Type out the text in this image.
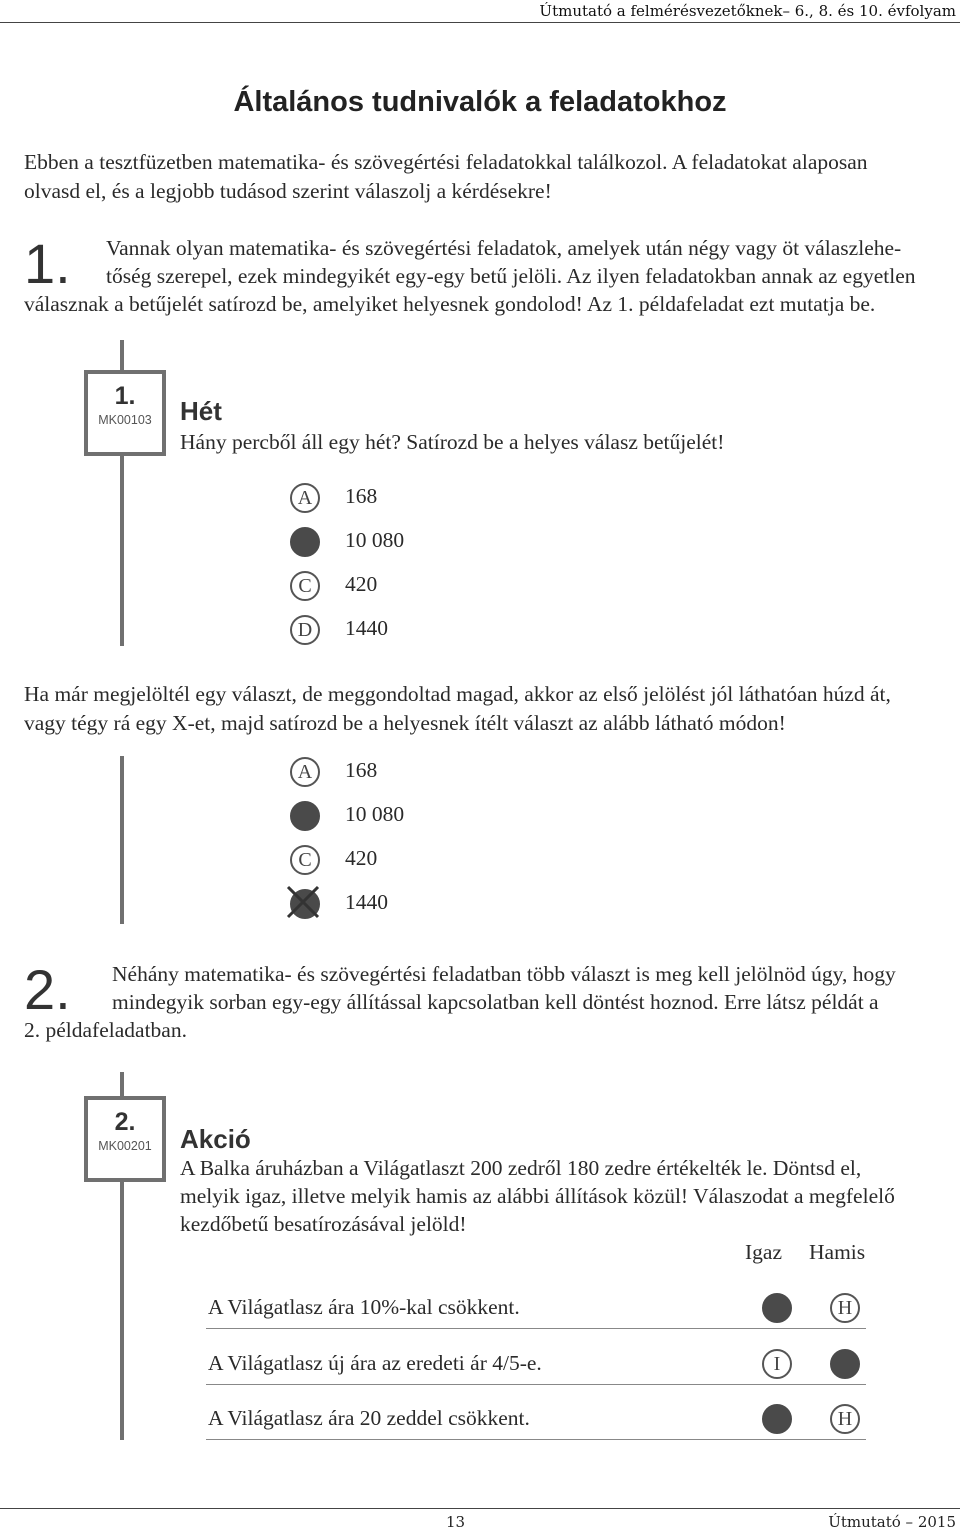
Útmutató a felmérésvezetőknek– 6., 8. és 10. évfolyam
Általános tudnivalók a feladatokhoz
Ebben a tesztfüzetben matematika- és szövegértési feladatokkal találkozol. A feladatokat alaposan
olvasd el, és a legjobb tudásod szerint válaszolj a kérdésekre!
1. Vannak olyan matematika- és szövegértési feladatok, amelyek után négy vagy öt válaszlehe-
tőség szerepel, ezek mindegyikét egy-egy betű jelöli. Az ilyen feladatokban annak az egyetlen
válasznak a betűjelét satírozd be, amelyiket helyesnek gondolod! Az 1. példafeladat ezt mutatja be.
1.
MK00103	Hét
Hány percből áll egy hét? Satírozd be a helyes válasz betűjelét!
A	168
10 080
C	420
D	1440
Ha már megjelöltél egy választ, de meggondoltad magad, akkor az első jelölést jól láthatóan húzd át,
vagy tégy rá egy X-et, majd satírozd be a helyesnek ítélt választ az alább látható módon!
A	168
10 080
C	420
1440
2. Néhány matematika- és szövegértési feladatban több választ is meg kell jelölnöd úgy, hogy
mindegyik sorban egy-egy állítással kapcsolatban kell döntést hoznod. Erre látsz példát a
2. példafeladatban.
2.
MK00201	Akció
A Balka áruházban a Világatlaszt 200 zedről 180 zedre értékelték le. Döntsd el,
melyik igaz, illetve melyik hamis az alábbi állítások közül! Válaszodat a megfelelő
kezdőbetű besatírozásával jelöld!
Igaz Hamis
A Világatlasz ára 10%-kal csökkent.	H
A Világatlasz új ára az eredeti ár 4/5-e.	I
A Világatlasz ára 20 zeddel csökkent.	H
13	Útmutató – 2015
